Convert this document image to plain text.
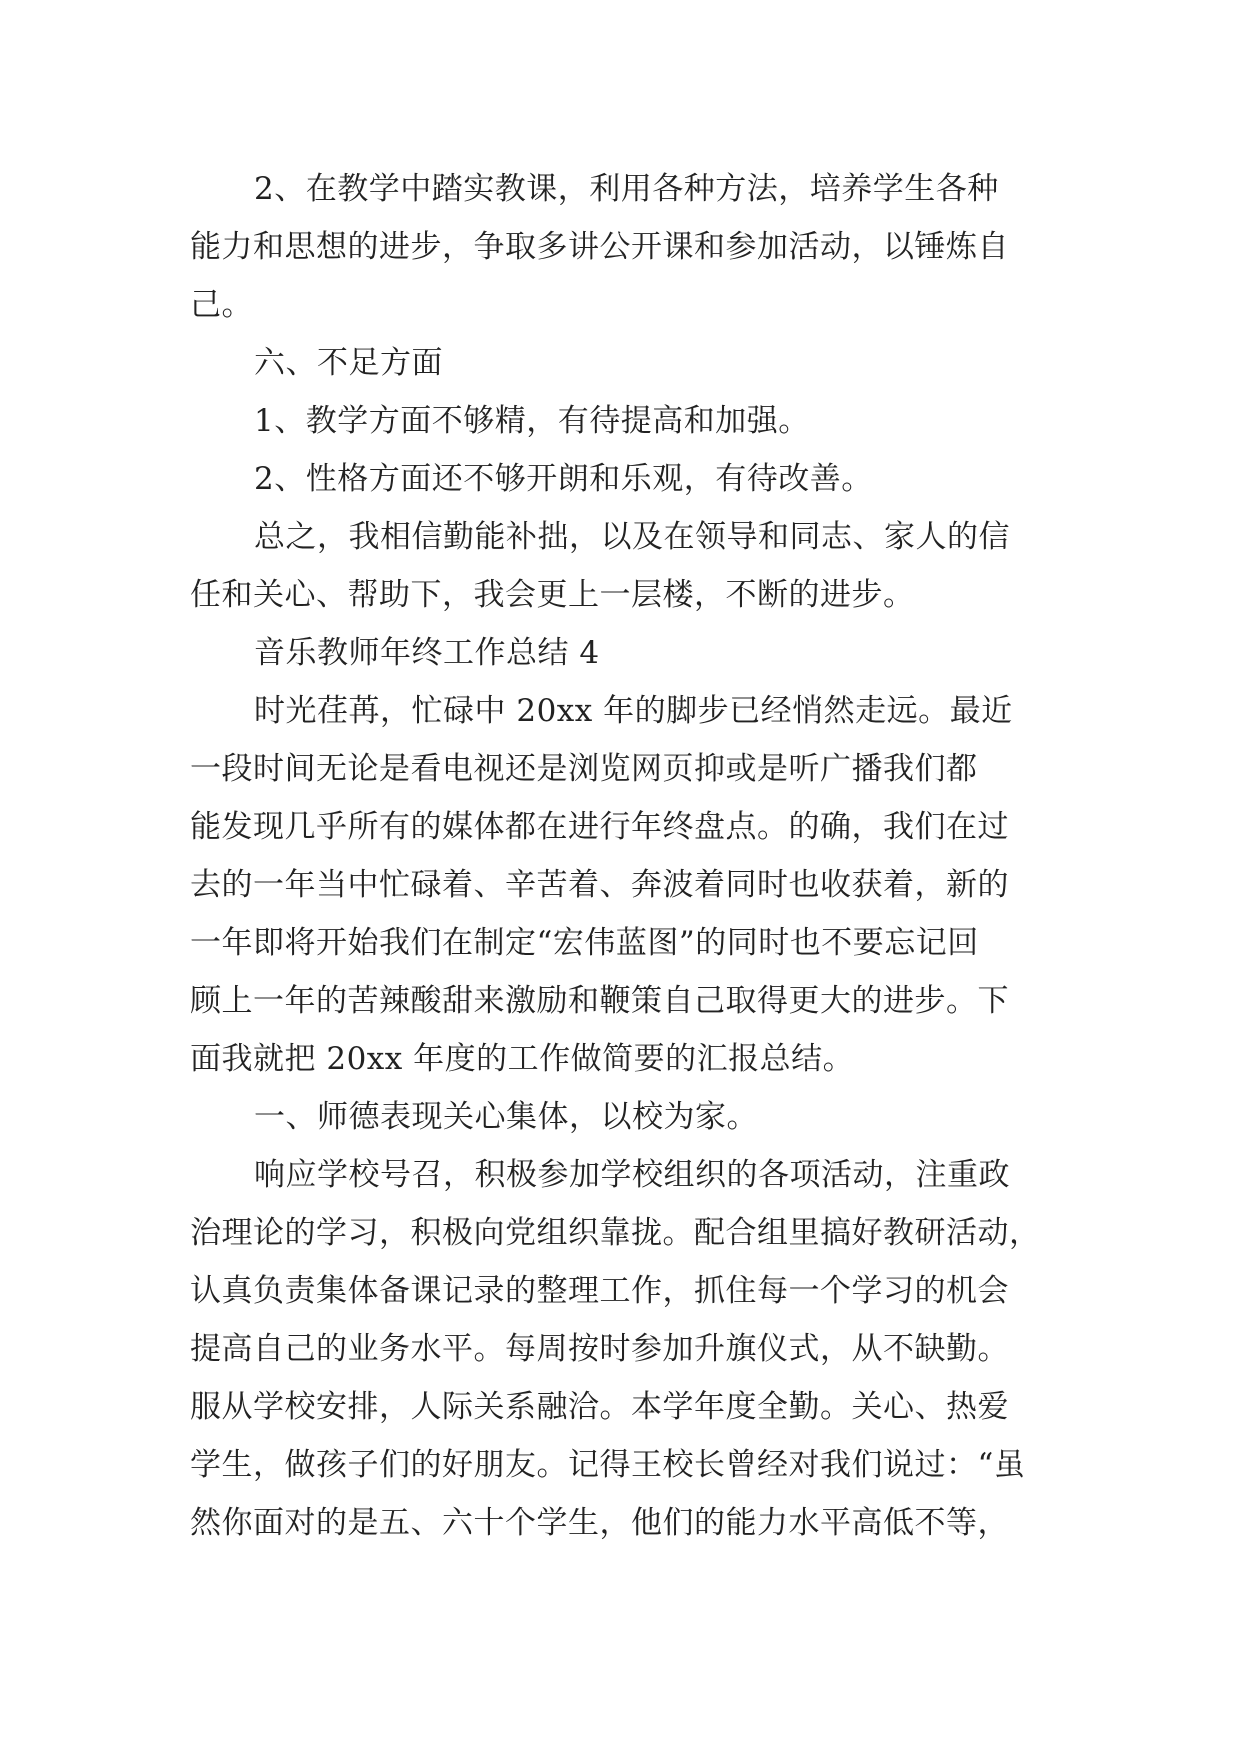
2、在教学中踏实教课，利用各种方法，培养学生各种
能力和思想的进步，争取多讲公开课和参加活动，以锤炼自
己。
六、不足方面
1、教学方面不够精，有待提高和加强。
2、性格方面还不够开朗和乐观，有待改善。
总之，我相信勤能补拙，以及在领导和同志、家人的信
任和关心、帮助下，我会更上一层楼，不断的进步。
音乐教师年终工作总结 4
时光荏苒，忙碌中 20xx 年的脚步已经悄然走远。最近
一段时间无论是看电视还是浏览网页抑或是听广播我们都
能发现几乎所有的媒体都在进行年终盘点。的确，我们在过
去的一年当中忙碌着、辛苦着、奔波着同时也收获着，新的
一年即将开始我们在制定“宏伟蓝图”的同时也不要忘记回
顾上一年的苦辣酸甜来激励和鞭策自己取得更大的进步。下
面我就把 20xx 年度的工作做简要的汇报总结。
一、师德表现关心集体，以校为家。
响应学校号召，积极参加学校组织的各项活动，注重政
治理论的学习，积极向党组织靠拢。配合组里搞好教研活动，
认真负责集体备课记录的整理工作，抓住每一个学习的机会
提高自己的业务水平。每周按时参加升旗仪式，从不缺勤。
服从学校安排，人际关系融洽。本学年度全勤。关心、热爱
学生，做孩子们的好朋友。记得王校长曾经对我们说过：“虽
然你面对的是五、六十个学生，他们的能力水平高低不等，
